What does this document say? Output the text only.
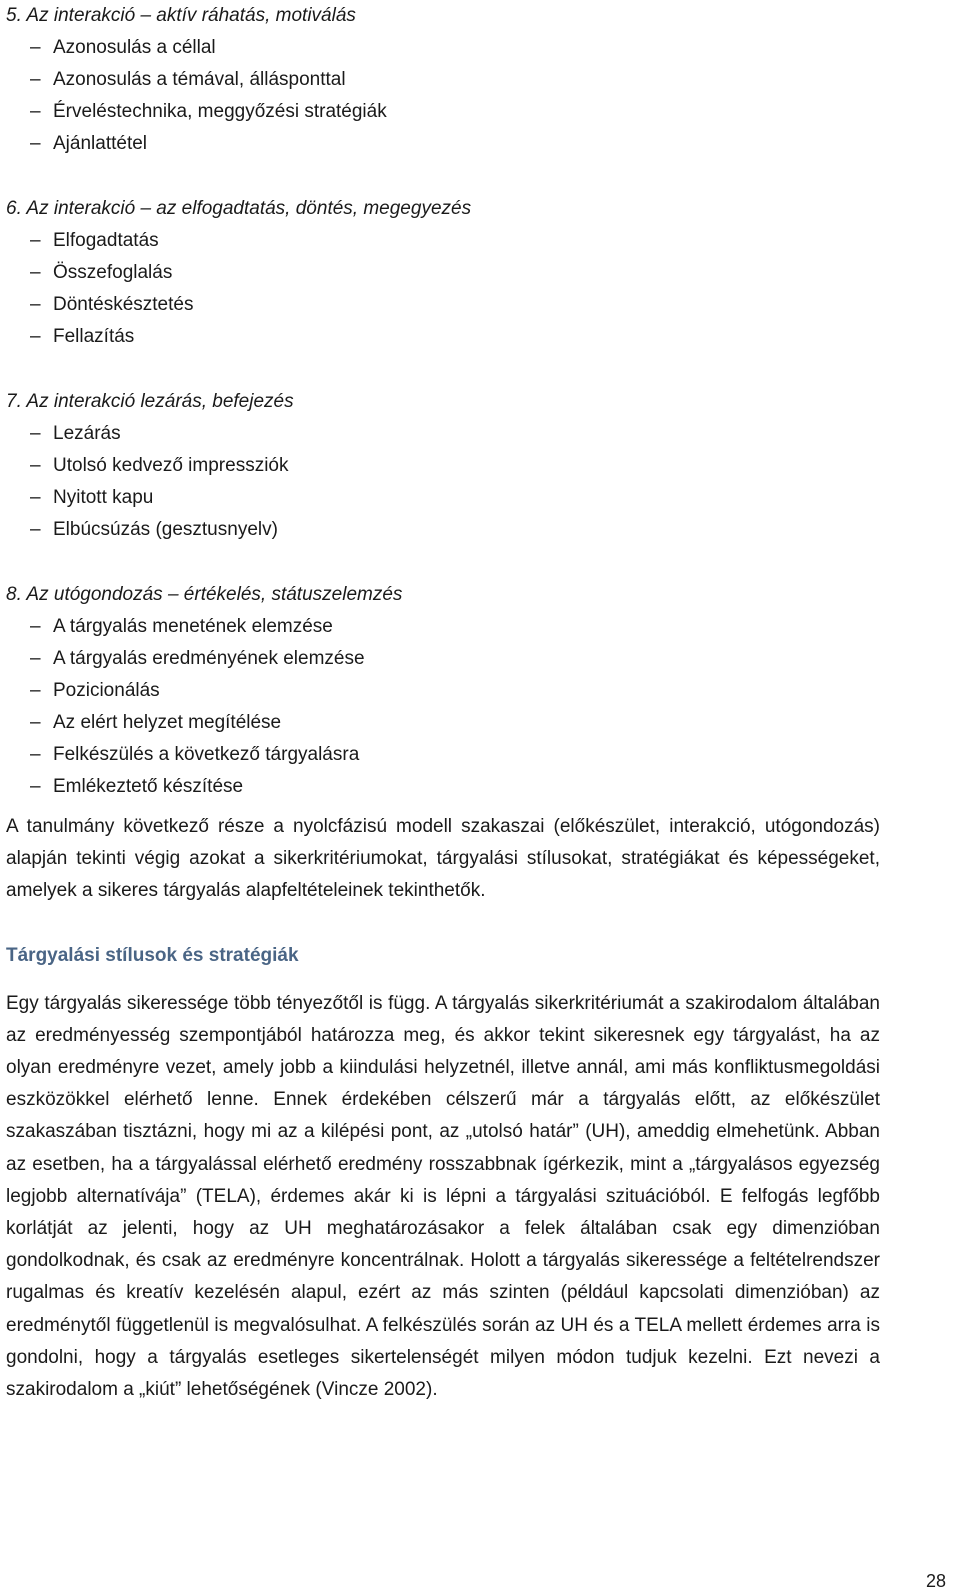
5. Az interakció – aktív ráhatás, motiválás
– Azonosulás a céllal
– Azonosulás a témával, állásponttal
– Érveléstechnika, meggyőzési stratégiák
– Ajánlattétel
6. Az interakció – az elfogadtatás, döntés, megegyezés
– Elfogadtatás
– Összefoglalás
– Döntéskésztetés
– Fellazítás
7. Az interakció lezárás, befejezés
– Lezárás
– Utolsó kedvező impressziók
– Nyitott kapu
– Elbúcsúzás (gesztusnyelv)
8. Az utógondozás – értékelés, státuszelemzés
– A tárgyalás menetének elemzése
– A tárgyalás eredményének elemzése
– Pozicionálás
– Az elért helyzet megítélése
– Felkészülés a következő tárgyalásra
– Emlékeztető készítése

A tanulmány következő része a nyolcfázisú modell szakaszai (előkészület, interakció, utógondozás) alapján tekinti végig azokat a sikerkritériumokat, tárgyalási stílusokat, stratégiákat és képességeket, amelyek a sikeres tárgyalás alapfeltételeinek tekinthetők.

Tárgyalási stílusok és stratégiák

Egy tárgyalás sikeressége több tényezőtől is függ. A tárgyalás sikerkritériumát a szakirodalom általában az eredményesség szempontjából határozza meg, és akkor tekint sikeresnek egy tárgyalást, ha az olyan eredményre vezet, amely jobb a kiindulási helyzetnél, illetve annál, ami más konfliktusmegoldási eszközökkel elérhető lenne. Ennek érdekében célszerű már a tárgyalás előtt, az előkészület szakaszában tisztázni, hogy mi az a kilépési pont, az „utolsó határ” (UH), ameddig elmehetünk. Abban az esetben, ha a tárgyalással elérhető eredmény rosszabbnak ígérkezik, mint a „tárgyalásos egyezség legjobb alternatívája” (TELA), érdemes akár ki is lépni a tárgyalási szituációból. E felfogás legfőbb korlátját az jelenti, hogy az UH meghatározásakor a felek általában csak egy dimenzióban gondolkodnak, és csak az eredményre koncentrálnak. Holott a tárgyalás sikeressége a feltételrendszer rugalmas és kreatív kezelésén alapul, ezért az más szinten (például kapcsolati dimenzióban) az eredménytől függetlenül is megvalósulhat. A felkészülés során az UH és a TELA mellett érdemes arra is gondolni, hogy a tárgyalás esetleges sikertelenségét milyen módon tudjuk kezelni. Ezt nevezi a szakirodalom a „kiút” lehetőségének (Vincze 2002).

28
